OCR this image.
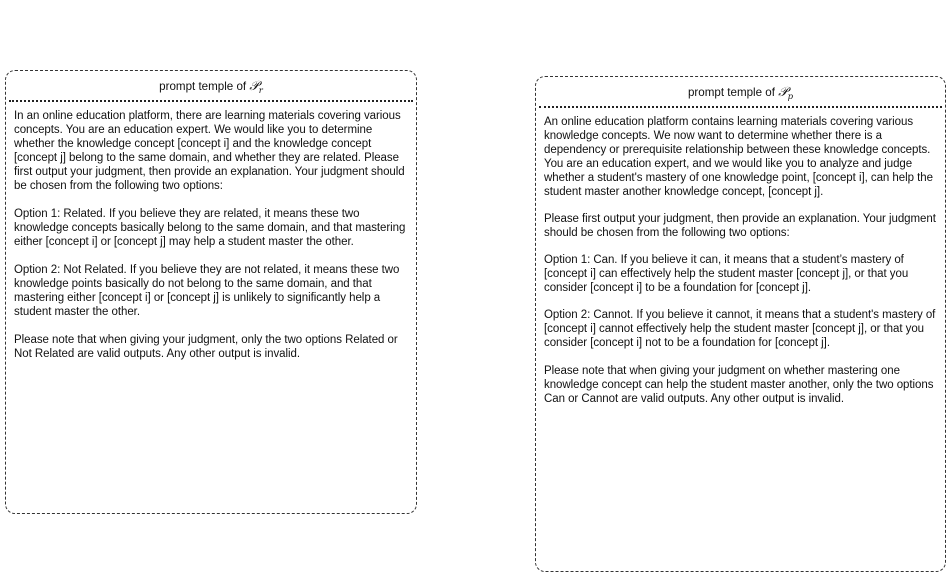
prompt temple of 𝒫$_r$

In an online education platform, there are learning materials covering various concepts. You are an education expert. We would like you to determine whether the knowledge concept [concept i] and the knowledge concept [concept j] belong to the same domain, and whether they are related. Please first output your judgment, then provide an explanation. Your judgment should be chosen from the following two options:

Option 1: Related. If you believe they are related, it means these two knowledge concepts basically belong to the same domain, and that mastering either [concept i] or [concept j] may help a student master the other.

Option 2: Not Related. If you believe they are not related, it means these two knowledge points basically do not belong to the same domain, and that mastering either [concept i] or [concept j] is unlikely to significantly help a student master the other.

Please note that when giving your judgment, only the two options Related or Not Related are valid outputs. Any other output is invalid.

prompt temple of 𝒫$_p$

An online education platform contains learning materials covering various knowledge concepts. We now want to determine whether there is a dependency or prerequisite relationship between these knowledge concepts. You are an education expert, and we would like you to analyze and judge whether a student's mastery of one knowledge point, [concept i], can help the student master another knowledge concept, [concept j].

Please first output your judgment, then provide an explanation. Your judgment should be chosen from the following two options:

Option 1: Can. If you believe it can, it means that a student’s mastery of [concept i] can effectively help the student master [concept j], or that you consider [concept i] to be a foundation for [concept j].

Option 2: Cannot. If you believe it cannot, it means that a student's mastery of [concept i] cannot effectively help the student master [concept j], or that you consider [concept i] not to be a foundation for [concept j].

Please note that when giving your judgment on whether mastering one knowledge concept can help the student master another, only the two options Can or Cannot are valid outputs. Any other output is invalid.
